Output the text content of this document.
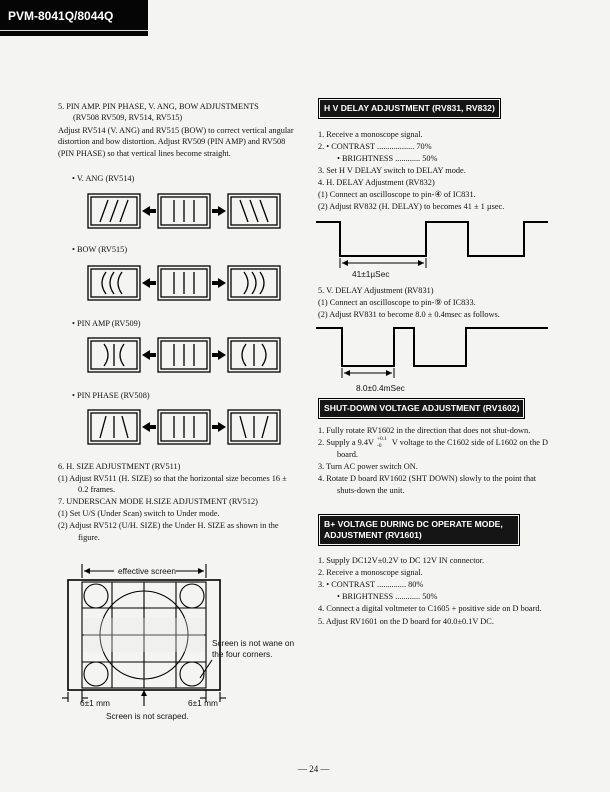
PVM-8041Q/8044Q
5. PIN AMP. PIN PHASE, V. ANG, BOW ADJUSTMENTS
(RV508 RV509, RV514, RV515)
Adjust RV514 (V. ANG) and RV515 (BOW) to correct vertical angular
distortion and bow distortion. Adjust RV509 (PIN AMP) and RV508
(PIN PHASE) so that vertical lines become straight.
• V. ANG (RV514)
• BOW (RV515)
• PIN AMP (RV509)
• PIN PHASE (RV508)
6. H. SIZE ADJUSTMENT (RV511)
(1) Adjust RV511 (H. SIZE) so that the horizontal size becomes 16 ±
0.2 frames.
7. UNDERSCAN MODE H.SIZE ADJUSTMENT (RV512)
(1) Set U/S (Under Scan) switch to Under mode.
(2) Adjust RV512 (U/H. SIZE) the Under H. SIZE as shown in the
figure.
effective screen
Screen is not wane on
the four corners.
6±1 mm	6±1 mm
Screen is not scraped.
H V DELAY ADJUSTMENT (RV831, RV832)
1. Receive a monoscope signal.
2. • CONTRAST .................. 70%
• BRIGHTNESS ............ 50%
3. Set H V DELAY switch to DELAY mode.
4. H. DELAY Adjustment (RV832)
(1) Connect an oscilloscope to pin-④ of IC831.
(2) Adjust RV832 (H. DELAY) to becomes 41 ± 1 µsec.
41±1µSec
5. V. DELAY Adjustment (RV831)
(1) Connect an oscilloscope to pin-⑨ of IC833.
(2) Adjust RV831 to become 8.0 ± 0.4msec as follows.
8.0±0.4mSec
SHUT-DOWN VOLTAGE ADJUSTMENT (RV1602)
1. Fully rotate RV1602 in the direction that does not shut-down.
2. Supply a 9.4V +0.1
-0 V voltage to the C1602 side of L1602 on the D
board.
3. Turn AC power switch ON.
4. Rotate D board RV1602 (SHT DOWN) slowly to the point that
shuts-down the unit.
B+ VOLTAGE DURING DC OPERATE MODE,
ADJUSTMENT (RV1601)
1. Supply DC12V±0.2V to DC 12V IN connector.
2. Receive a monoscope signal.
3. • CONTRAST .............. 80%
• BRIGHTNESS ............ 50%
4. Connect a digital voltmeter to C1605 + positive side on D board.
5. Adjust RV1601 on the D board for 40.0±0.1V DC.
— 24 —
